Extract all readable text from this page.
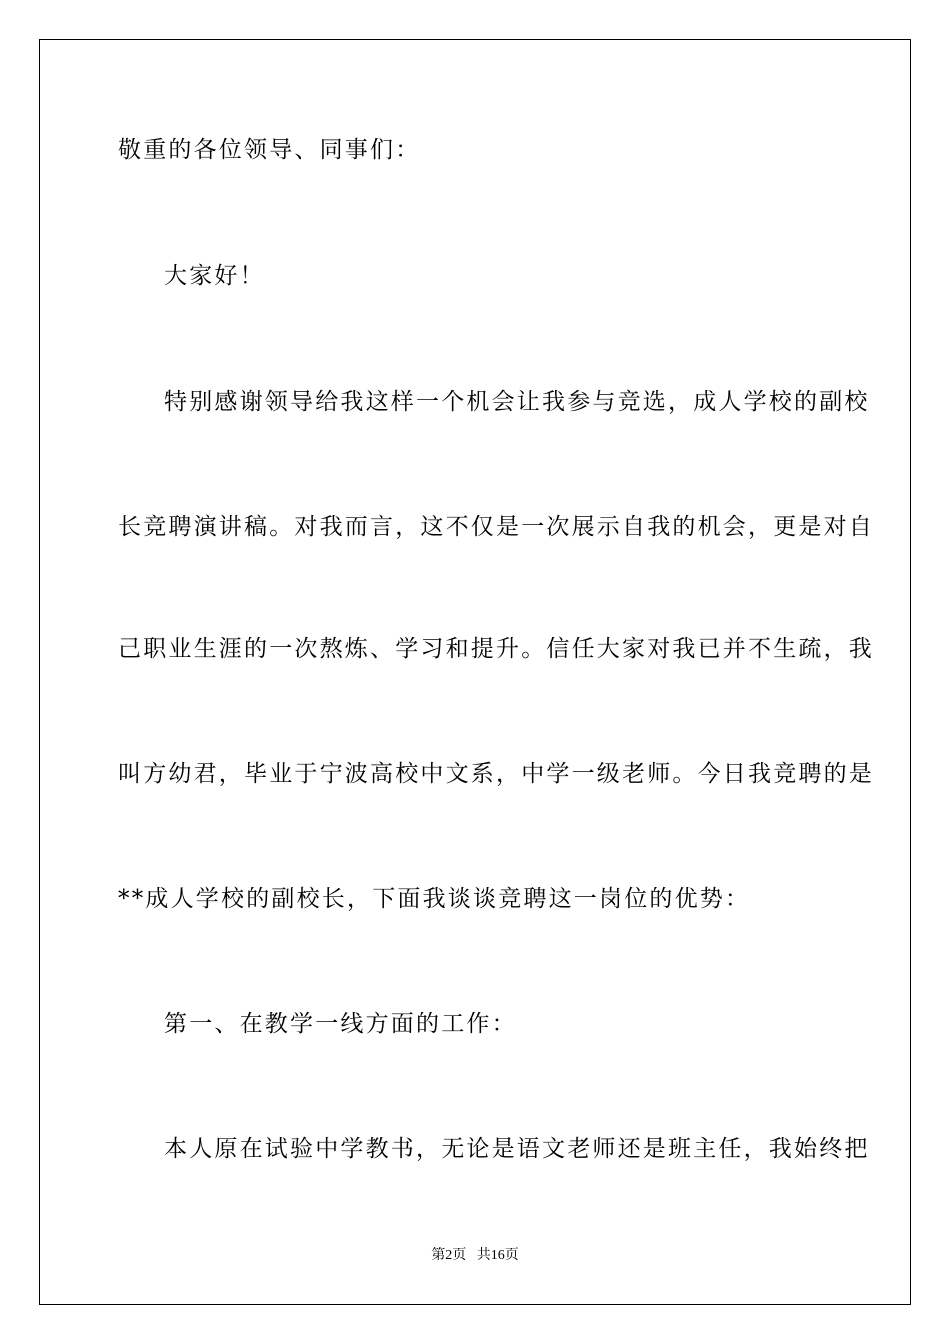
敬重的各位领导、同事们：
大家好！
特别感谢领导给我这样一个机会让我参与竞选，成人学校的副校
长竞聘演讲稿。对我而言，这不仅是一次展示自我的机会，更是对自
己职业生涯的一次熬炼、学习和提升。信任大家对我已并不生疏，我
叫方幼君，毕业于宁波高校中文系，中学一级老师。今日我竞聘的是
**成人学校的副校长，下面我谈谈竞聘这一岗位的优势：
第一、在教学一线方面的工作：
本人原在试验中学教书，无论是语文老师还是班主任，我始终把
第2页 共16页
